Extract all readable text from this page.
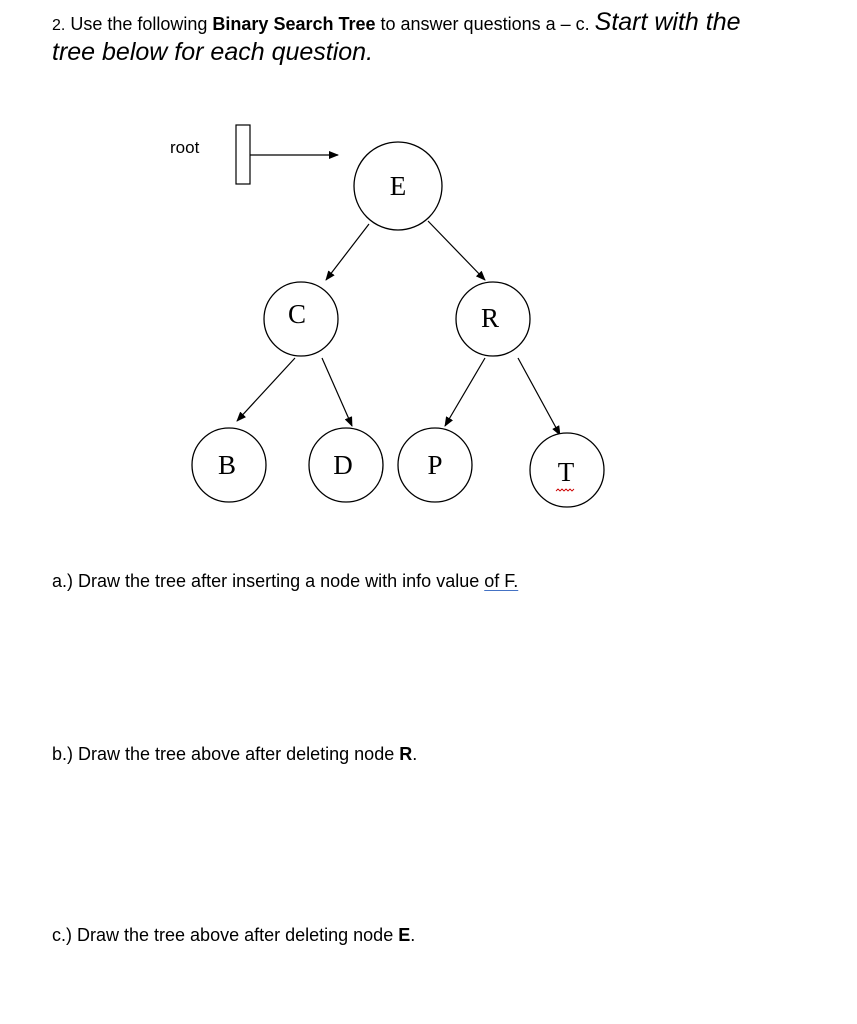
2. Use the following Binary Search Tree to answer questions a – c. Start with the
tree below for each question.
root
E
C	R
B	D	P	T

a.) Draw the tree after inserting a node with info value of F.

b.) Draw the tree above after deleting node R.

c.) Draw the tree above after deleting node E.
